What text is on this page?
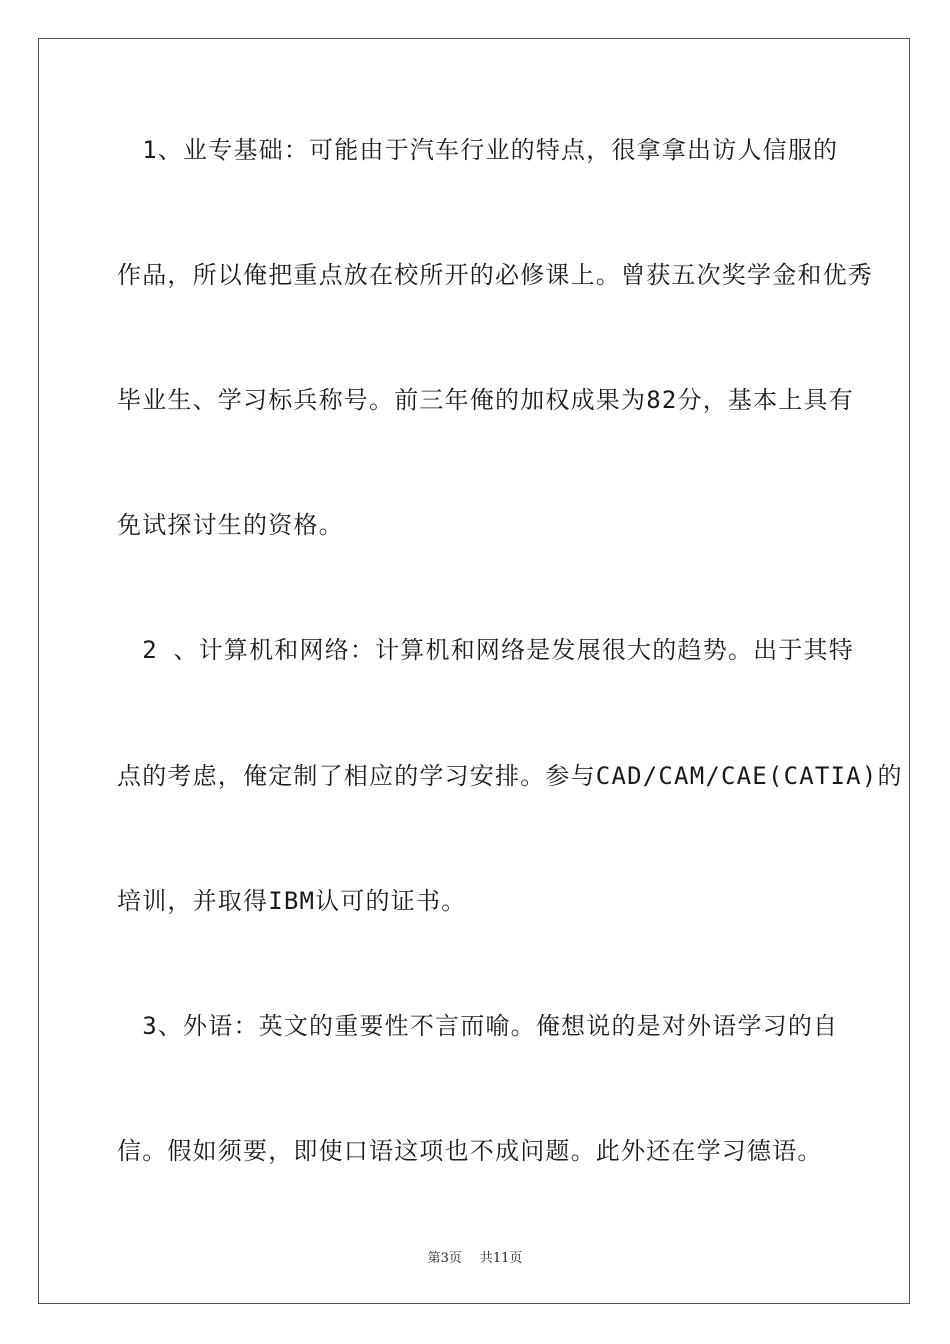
　1、业专基础：可能由于汽车行业的特点，很拿拿出访人信服的
作品，所以俺把重点放在校所开的必修课上。曾获五次奖学金和优秀
毕业生、学习标兵称号。前三年俺的加权成果为82分，基本上具有
免试探讨生的资格。
　2 、计算机和网络：计算机和网络是发展很大的趋势。出于其特
点的考虑，俺定制了相应的学习安排。参与CAD/CAM/CAE(CATIA)的
培训，并取得IBM认可的证书。
　3、外语：英文的重要性不言而喻。俺想说的是对外语学习的自
信。假如须要，即使口语这项也不成问题。此外还在学习德语。
第3页 共11页
